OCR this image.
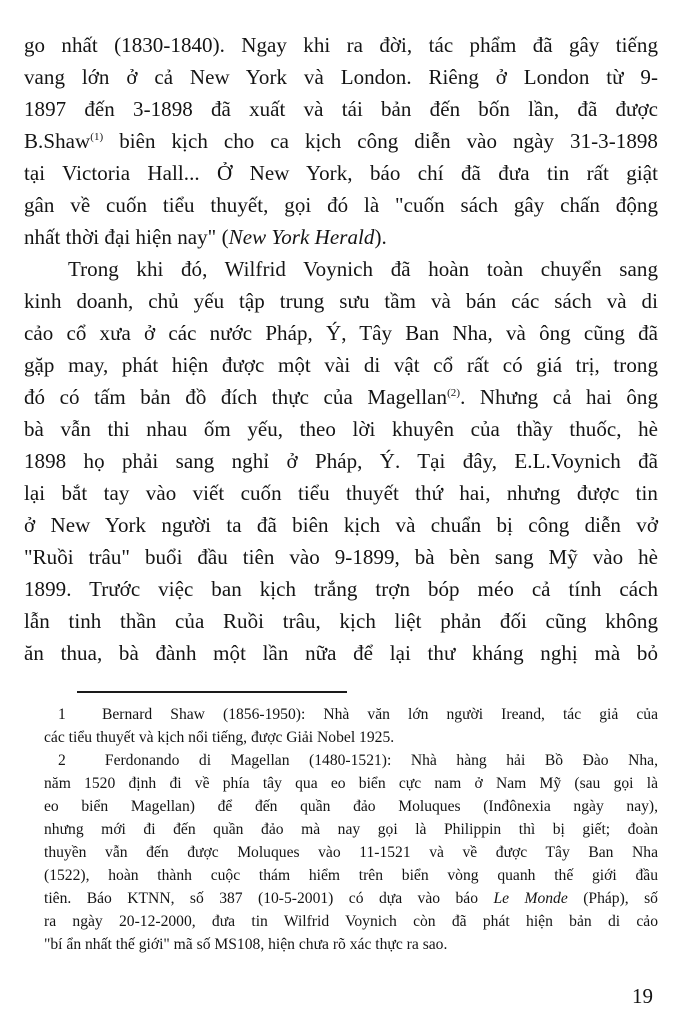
go nhất (1830-1840). Ngay khi ra đời, tác phẩm đã gây tiếng
vang lớn ở cả New York và London. Riêng ở London từ 9-
1897 đến 3-1898 đã xuất và tái bản đến bốn lần, đã được
B.Shaw$^{(1)}$ biên kịch cho ca kịch công diễn vào ngày 31-3-1898
tại Victoria Hall... Ở New York, báo chí đã đưa tin rất giật
gân về cuốn tiểu thuyết, gọi đó là "cuốn sách gây chấn động
nhất thời đại hiện nay" (New York Herald).
Trong khi đó, Wilfrid Voynich đã hoàn toàn chuyển sang
kinh doanh, chủ yếu tập trung sưu tầm và bán các sách và di
cảo cổ xưa ở các nước Pháp, Ý, Tây Ban Nha, và ông cũng đã
gặp may, phát hiện được một vài di vật cổ rất có giá trị, trong
đó có tấm bản đồ đích thực của Magellan$^{(2)}$. Nhưng cả hai ông
bà vẫn thi nhau ốm yếu, theo lời khuyên của thầy thuốc, hè
1898 họ phải sang nghỉ ở Pháp, Ý. Tại đây, E.L.Voynich đã
lại bắt tay vào viết cuốn tiểu thuyết thứ hai, nhưng được tin
ở New York người ta đã biên kịch và chuẩn bị công diễn vở
"Ruồi trâu" buổi đầu tiên vào 9-1899, bà bèn sang Mỹ vào hè
1899. Trước việc ban kịch trắng trợn bóp méo cả tính cách
lẫn tinh thần của Ruồi trâu, kịch liệt phản đối cũng không
ăn thua, bà đành một lần nữa để lại thư kháng nghị mà bỏ
1 Bernard Shaw (1856-1950): Nhà văn lớn người Ireand, tác giả của
các tiểu thuyết và kịch nổi tiếng, được Giải Nobel 1925.
2	Ferdonando di Magellan (1480-1521): Nhà hàng hải Bồ Đào Nha,
năm 1520 định đi về phía tây qua eo biển cực nam ở Nam Mỹ (sau gọi là
eo biển Magellan) để đến quần đảo Moluques (Inđônexia ngày nay),
nhưng mới đi đến quần đảo mà nay gọi là Philippin thì bị giết; đoàn
thuyền vẫn đến được Moluques vào 11-1521 và về được Tây Ban Nha
(1522), hoàn thành cuộc thám hiểm trên biển vòng quanh thế giới đầu
tiên. Báo KTNN, số 387 (10-5-2001) có dựa vào báo Le Monde (Pháp), số
ra ngày 20-12-2000, đưa tin Wilfrid Voynich còn đã phát hiện bản di cảo
"bí ẩn nhất thế giới" mã số MS108, hiện chưa rõ xác thực ra sao.
19
